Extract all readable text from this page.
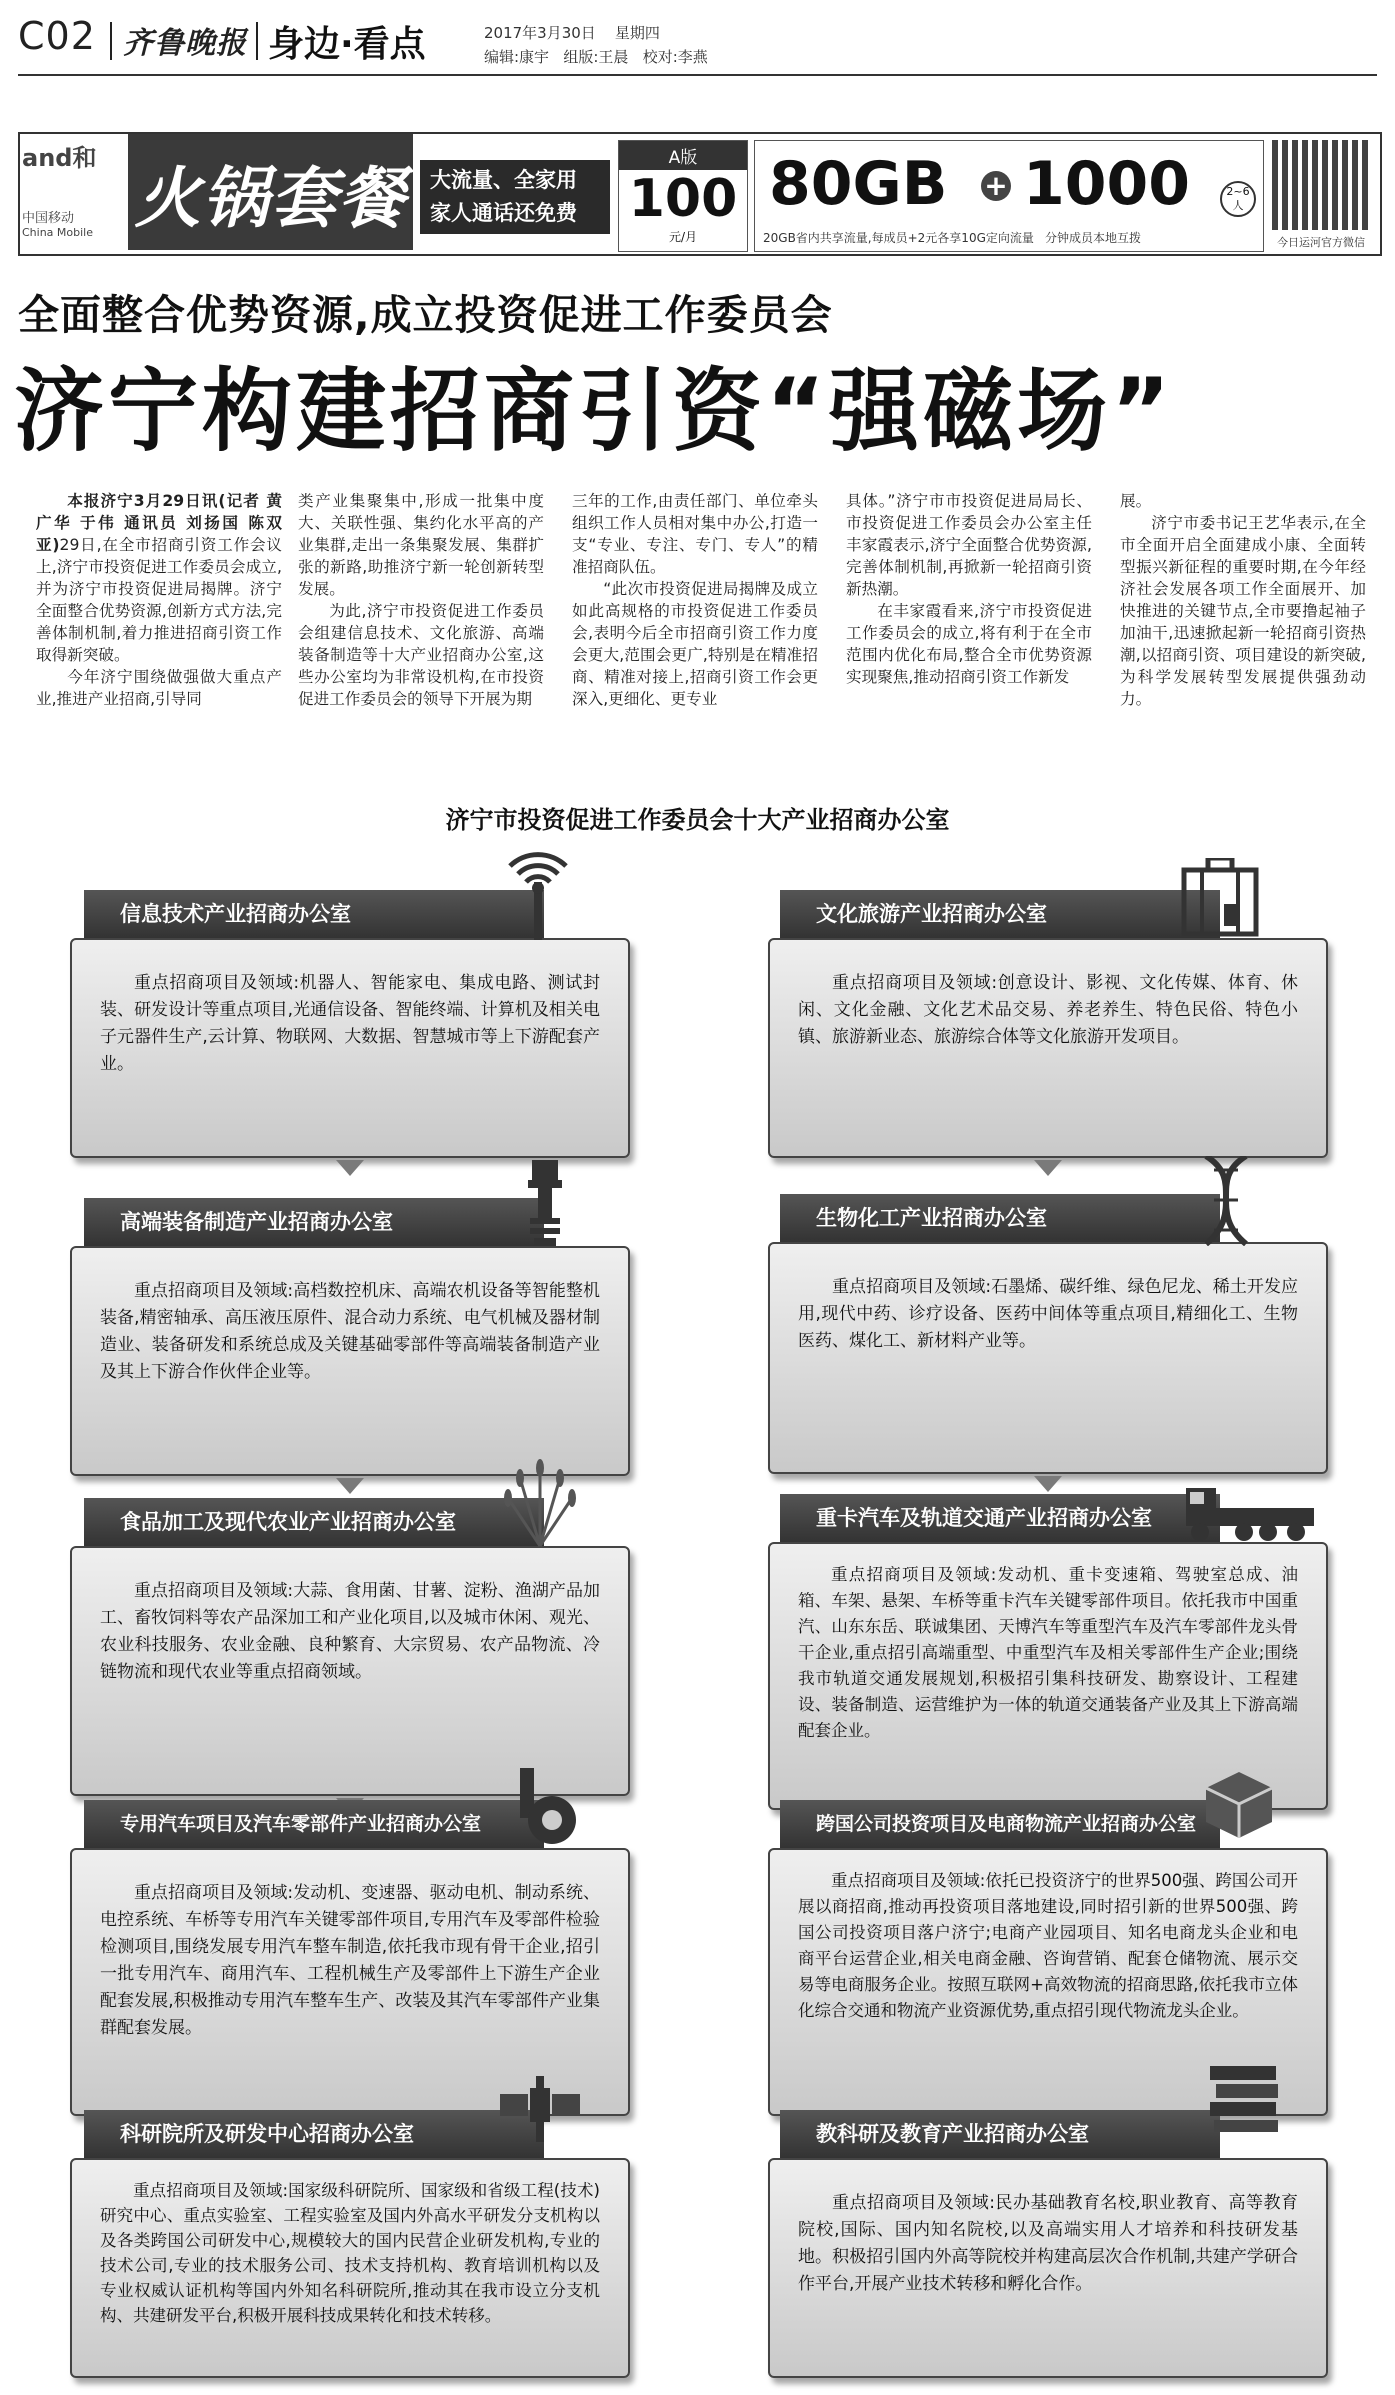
C02 齐鲁晚报 身边·看点	2017年3月30日 星期四
编辑:康宇 组版:王晨 校对:李燕
and和
中国移动
China Mobile 火锅套餐	大流量、全家用
家人通话还免费
A版
100
元/月
80GB + 1000	2~6人
20GB省内共享流量,每成员+2元各享10G定向流量 分钟成员本地互拨	今日运河官方微信
全面整合优势资源,成立投资促进工作委员会
济宁构建招商引资“强磁场”

本报济宁3月29日讯(记者 黄广华 于伟 通讯员 刘扬国 陈双亚)29日,在全市招商引资工作会议上,济宁市投资促进工作委员会成立,并为济宁市投资促进局揭牌。济宁全面整合优势资源,创新方式方法,完善体制机制,着力推进招商引资工作取得新突破。

今年济宁围绕做强做大重点产业,推进产业招商,引导同

类产业集聚集中,形成一批集中度大、关联性强、集约化水平高的产业集群,走出一条集聚发展、集群扩张的新路,助推济宁新一轮创新转型发展。

为此,济宁市投资促进工作委员会组建信息技术、文化旅游、高端装备制造等十大产业招商办公室,这些办公室均为非常设机构,在市投资促进工作委员会的领导下开展为期

三年的工作,由责任部门、单位牵头组织工作人员相对集中办公,打造一支“专业、专注、专门、专人”的精准招商队伍。

“此次市投资促进局揭牌及成立如此高规格的市投资促进工作委员会,表明今后全市招商引资工作力度会更大,范围会更广,特别是在精准招商、精准对接上,招商引资工作会更深入,更细化、更专业

具体。”济宁市市投资促进局局长、市投资促进工作委员会办公室主任丰家霞表示,济宁全面整合优势资源,完善体制机制,再掀新一轮招商引资新热潮。

在丰家霞看来,济宁市投资促进工作委员会的成立,将有利于在全市范围内优化布局,整合全市优势资源实现聚焦,推动招商引资工作新发

展。

济宁市委书记王艺华表示,在全市全面开启全面建成小康、全面转型振兴新征程的重要时期,在今年经济社会发展各项工作全面展开、加快推进的关键节点,全市要撸起袖子加油干,迅速掀起新一轮招商引资热潮,以招商引资、项目建设的新突破,为科学发展转型发展提供强劲动力。

济宁市投资促进工作委员会十大产业招商办公室
信息技术产业招商办公室
重点招商项目及领域:机器人、智能家电、集成电路、测试封装、研发设计等重点项目,光通信设备、智能终端、计算机及相关电子元器件生产,云计算、物联网、大数据、智慧城市等上下游配套产业。
高端装备制造产业招商办公室
重点招商项目及领域:高档数控机床、高端农机设备等智能整机装备,精密轴承、高压液压原件、混合动力系统、电气机械及器材制造业、装备研发和系统总成及关键基础零部件等高端装备制造产业及其上下游合作伙伴企业等。
食品加工及现代农业产业招商办公室
重点招商项目及领域:大蒜、食用菌、甘薯、淀粉、渔湖产品加工、畜牧饲料等农产品深加工和产业化项目,以及城市休闲、观光、农业科技服务、农业金融、良种繁育、大宗贸易、农产品物流、冷链物流和现代农业等重点招商领域。
专用汽车项目及汽车零部件产业招商办公室
重点招商项目及领域:发动机、变速器、驱动电机、制动系统、电控系统、车桥等专用汽车关键零部件项目,专用汽车及零部件检验检测项目,围绕发展专用汽车整车制造,依托我市现有骨干企业,招引一批专用汽车、商用汽车、工程机械生产及零部件上下游生产企业配套发展,积极推动专用汽车整车生产、改装及其汽车零部件产业集群配套发展。
科研院所及研发中心招商办公室
重点招商项目及领域:国家级科研院所、国家级和省级工程(技术)研究中心、重点实验室、工程实验室及国内外高水平研发分支机构以及各类跨国公司研发中心,规模较大的国内民营企业研发机构,专业的技术公司,专业的技术服务公司、技术支持机构、教育培训机构以及专业权威认证机构等国内外知名科研院所,推动其在我市设立分支机构、共建研发平台,积极开展科技成果转化和技术转移。
文化旅游产业招商办公室
重点招商项目及领域:创意设计、影视、文化传媒、体育、休闲、文化金融、文化艺术品交易、养老养生、特色民俗、特色小镇、旅游新业态、旅游综合体等文化旅游开发项目。
生物化工产业招商办公室
重点招商项目及领域:石墨烯、碳纤维、绿色尼龙、稀土开发应用,现代中药、诊疗设备、医药中间体等重点项目,精细化工、生物医药、煤化工、新材料产业等。
重卡汽车及轨道交通产业招商办公室
重点招商项目及领域:发动机、重卡变速箱、驾驶室总成、油箱、车架、悬架、车桥等重卡汽车关键零部件项目。依托我市中国重汽、山东东岳、联诚集团、天博汽车等重型汽车及汽车零部件龙头骨干企业,重点招引高端重型、中重型汽车及相关零部件生产企业;围绕我市轨道交通发展规划,积极招引集科技研发、勘察设计、工程建设、装备制造、运营维护为一体的轨道交通装备产业及其上下游高端配套企业。
跨国公司投资项目及电商物流产业招商办公室
重点招商项目及领域:依托已投资济宁的世界500强、跨国公司开展以商招商,推动再投资项目落地建设,同时招引新的世界500强、跨国公司投资项目落户济宁;电商产业园项目、知名电商龙头企业和电商平台运营企业,相关电商金融、咨询营销、配套仓储物流、展示交易等电商服务企业。按照互联网+高效物流的招商思路,依托我市立体化综合交通和物流产业资源优势,重点招引现代物流龙头企业。
教科研及教育产业招商办公室
重点招商项目及领域:民办基础教育名校,职业教育、高等教育院校,国际、国内知名院校,以及高端实用人才培养和科技研发基地。积极招引国内外高等院校并构建高层次合作机制,共建产学研合作平台,开展产业技术转移和孵化合作。
